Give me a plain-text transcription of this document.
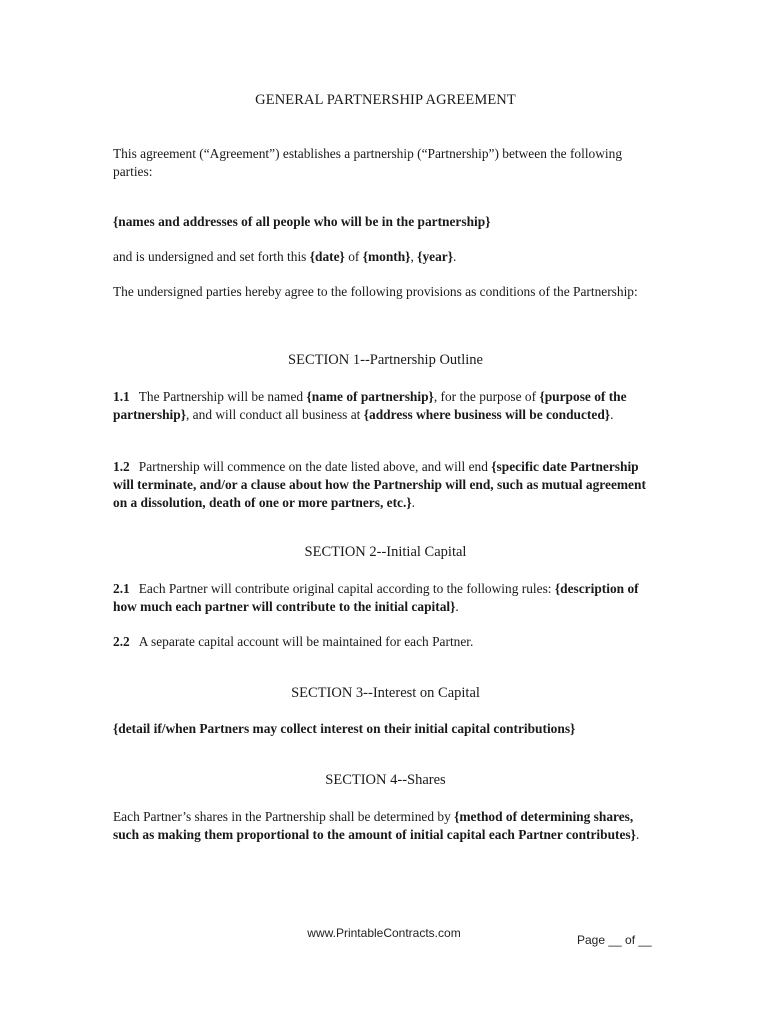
GENERAL PARTNERSHIP AGREEMENT

This agreement (“Agreement”) establishes a partnership (“Partnership”) between the following parties:

{names and addresses of all people who will be in the partnership}

and is undersigned and set forth this {date} of {month}, {year}.

The undersigned parties hereby agree to the following provisions as conditions of the Partnership:

SECTION 1--Partnership Outline

1.1 The Partnership will be named {name of partnership}, for the purpose of {purpose of the partnership}, and will conduct all business at {address where business will be conducted}.

1.2 Partnership will commence on the date listed above, and will end {specific date Partnership will terminate, and/or a clause about how the Partnership will end, such as mutual agreement on a dissolution, death of one or more partners, etc.}.

SECTION 2--Initial Capital

2.1 Each Partner will contribute original capital according to the following rules: {description of how much each partner will contribute to the initial capital}.

2.2 A separate capital account will be maintained for each Partner.

SECTION 3--Interest on Capital

{detail if/when Partners may collect interest on their initial capital contributions}

SECTION 4--Shares

Each Partner’s shares in the Partnership shall be determined by {method of determining shares, such as making them proportional to the amount of initial capital each Partner contributes}.

www.PrintableContracts.com	Page __ of __
